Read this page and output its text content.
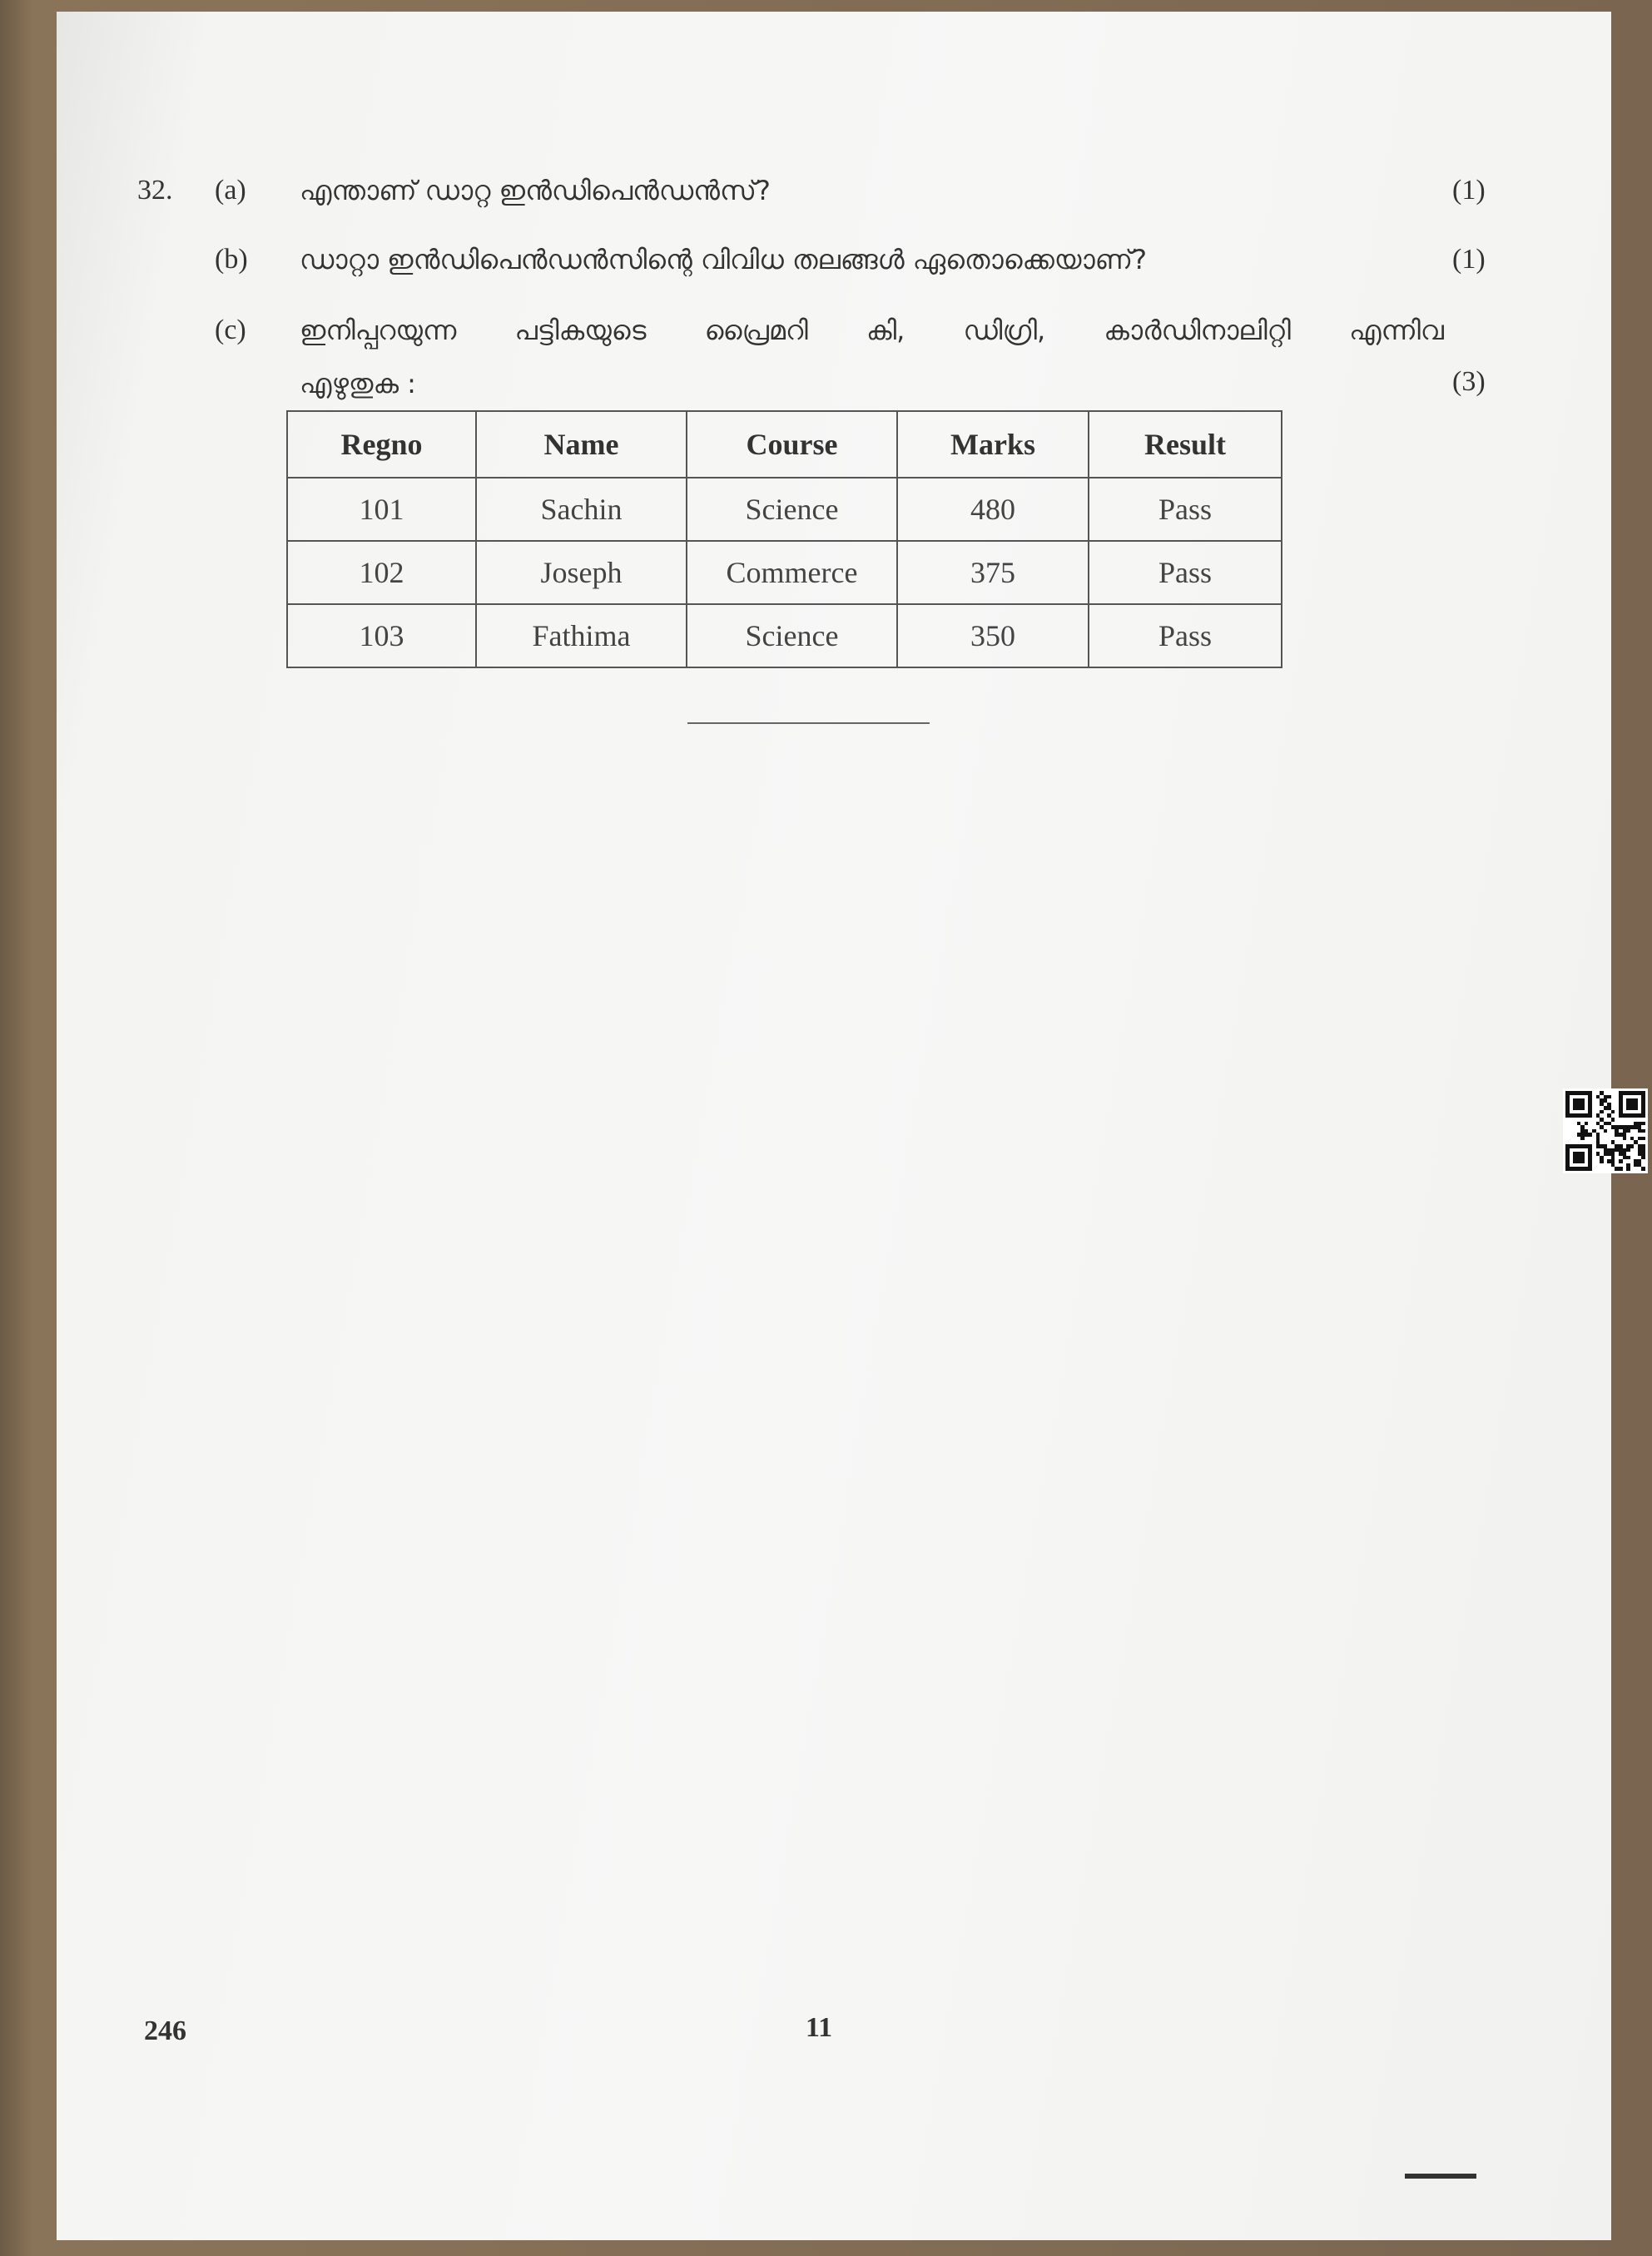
32. (a) എന്താണ് ഡാറ്റ ഇൻഡിപെൻഡൻസ്?	(1)
(b) ഡാറ്റാ ഇൻഡിപെൻഡൻസിന്റെ വിവിധ തലങ്ങൾ ഏതൊക്കെയാണ്?	(1)
(c) ഇനിപ്പറയുന്ന പട്ടികയുടെ പ്രൈമറി കി, ഡിഗ്രി, കാർഡിനാലിറ്റി എന്നിവ
എഴുതുക :	(3)
Regno	Name	Course	Marks	Result
101	Sachin	Science	480	Pass
102	Joseph	Commerce	375	Pass
103	Fathima	Science	350	Pass
246	11
